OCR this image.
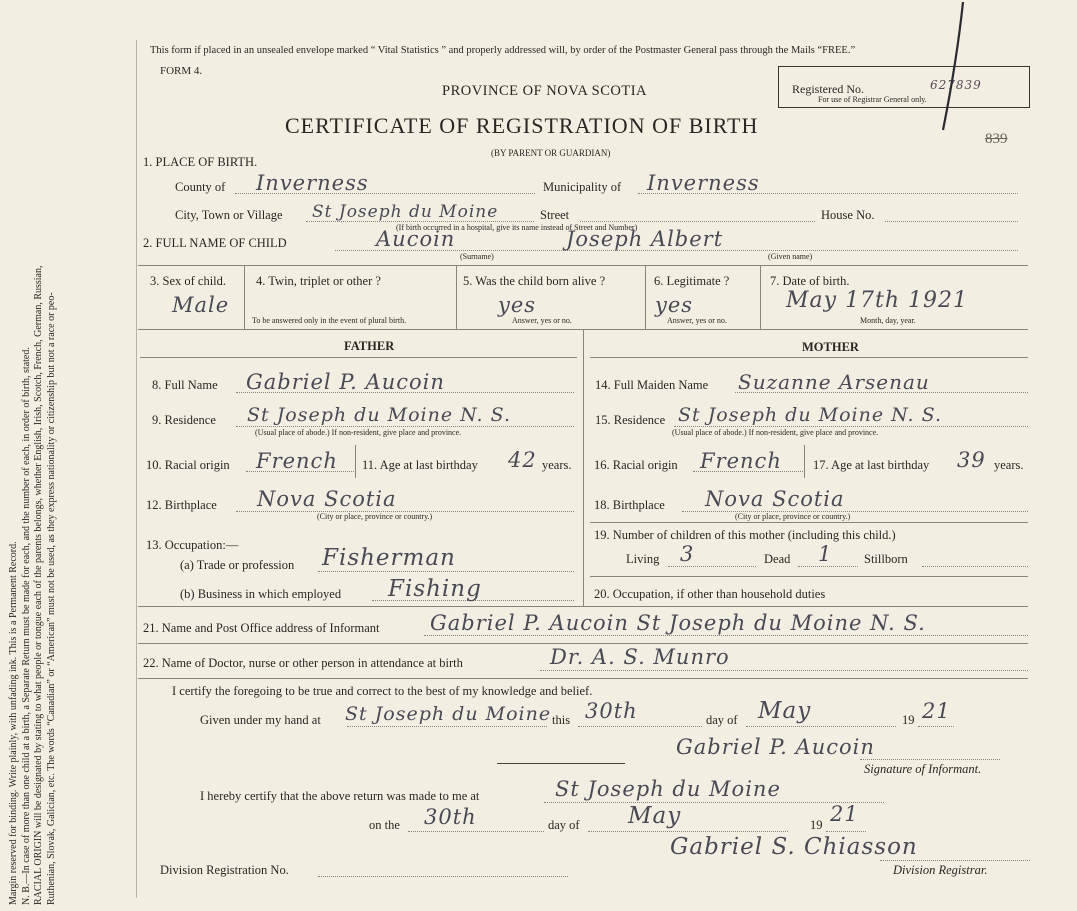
Margin reserved for binding. Write plainly, with unfading ink. This is a Permanent Record. N. B.—In case of more than one child at a birth, a Separate Return must be made for each, and the number of each, in order of birth, stated. RACIAL ORIGIN will be designated by stating to what people or tongue each of the parents belongs, whether English, Irish, Scotch, French, German, Russian, Ruthenian, Slovak, Galician, etc. The words “Canadian” or “American” must not be used, as they express nationality or citizenship but not a race or peo-
This form if placed in an unsealed envelope marked “ Vital Statistics ” and properly addressed will, by order of the Postmaster General pass through the Mails “FREE.”
FORM 4.
PROVINCE OF NOVA SCOTIA
CERTIFICATE OF REGISTRATION OF BIRTH
(BY PARENT OR GUARDIAN)
Registered No.	627839
For use of Registrar General only.
839
1. PLACE OF BIRTH.
County of Inverness	Municipality of Inverness
City, Town or Village St Joseph du Moine	Street	House No.
(If birth occurred in a hospital, give its name instead of Street and Number)
2. FULL NAME OF CHILD	Aucoin	Joseph Albert
(Surname)	(Given name)
3. Sex of child.
Male
4. Twin, triplet or other ?
To be answered only in the event of plural birth.
5. Was the child born alive ?
yes
Answer, yes or no.
6. Legitimate ?
yes
Answer, yes or no.
7. Date of birth.
May 17th 1921
Month, day, year.
FATHER	MOTHER
8. Full Name Gabriel P. Aucoin
9. Residence St Joseph du Moine N. S.
(Usual place of abode.) If non-resident, give place and province.
10. Racial origin French 11. Age at last birthday 42 years.
12. Birthplace Nova Scotia
(City or place, province or country.)
13. Occupation:—
(a) Trade or profession Fisherman
(b) Business in which employed Fishing
14. Full Maiden Name Suzanne Arsenau
15. Residence St Joseph du Moine N. S.
(Usual place of abode.) If non-resident, give place and province.
16. Racial origin French 17. Age at last birthday 39 years.
18. Birthplace Nova Scotia
(City or place, province or country.)
19. Number of children of this mother (including this child.)
Living 3	Dead 1	Stillborn
20. Occupation, if other than household duties
21. Name and Post Office address of Informant Gabriel P. Aucoin St Joseph du Moine N. S.
22. Name of Doctor, nurse or other person in attendance at birth	Dr. A. S. Munro
I certify the foregoing to be true and correct to the best of my knowledge and belief.
Given under my hand at St Joseph du Moine this 30th	day of May	19 21
Gabriel P. Aucoin
Signature of Informant.
I hereby certify that the above return was made to me at	St Joseph du Moine
on the 30th	day of May	19 21
Gabriel S. Chiasson
Division Registration No.	Division Registrar.
